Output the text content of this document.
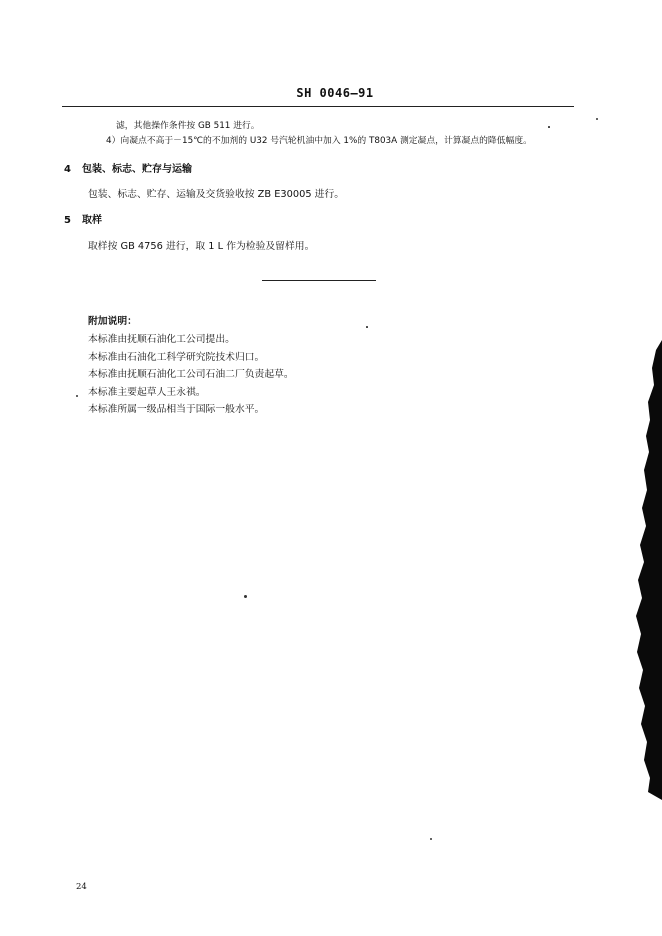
SH 0046—91
滤，其他操作条件按 GB 511 进行。
4）向凝点不高于－15℃的不加剂的 U32 号汽轮机油中加入 1%的 T803A 测定凝点，计算凝点的降低幅度。
4 包装、标志、贮存与运输
包装、标志、贮存、运输及交货验收按 ZB E30005 进行。
5 取样
取样按 GB 4756 进行，取 1 L 作为检验及留样用。
附加说明：
本标准由抚顺石油化工公司提出。
本标准由石油化工科学研究院技术归口。
本标准由抚顺石油化工公司石油二厂负责起草。
本标准主要起草人王永祺。
本标准所属一级品相当于国际一般水平。
24
